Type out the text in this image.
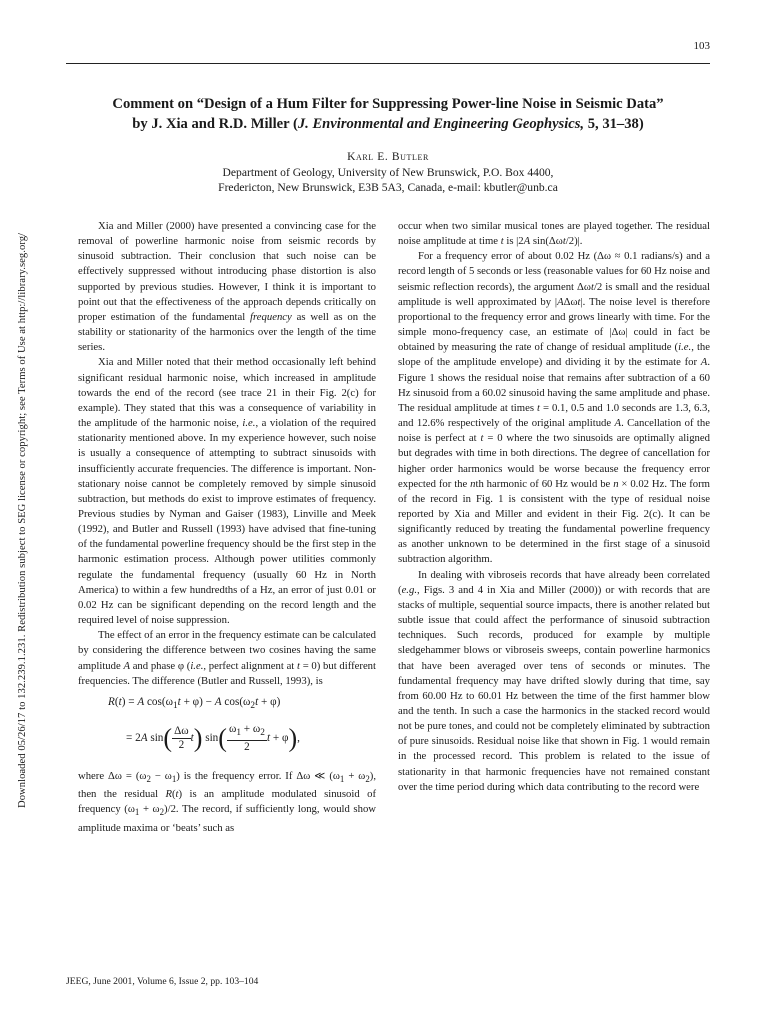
103
Downloaded 05/26/17 to 132.239.1.231. Redistribution subject to SEG license or copyright; see Terms of Use at http://library.seg.org/
Comment on “Design of a Hum Filter for Suppressing Power-line Noise in Seismic Data”
by J. Xia and R.D. Miller (J. Environmental and Engineering Geophysics, 5, 31–38)
Karl E. Butler
Department of Geology, University of New Brunswick, P.O. Box 4400,
Fredericton, New Brunswick, E3B 5A3, Canada, e-mail: kbutler@unb.ca

Xia and Miller (2000) have presented a convincing case for the removal of powerline harmonic noise from seismic records by sinusoid subtraction. Their conclusion that such noise can be effectively suppressed without introducing phase distortion is also supported by previous studies. However, I think it is important to point out that the effectiveness of the approach depends critically on proper estimation of the fundamental frequency as well as on the stability or stationarity of the harmonics over the length of the time series.

Xia and Miller noted that their method occasionally left behind significant residual harmonic noise, which increased in amplitude towards the end of the record (see trace 21 in their Fig. 2(c) for example). They stated that this was a consequence of variability in the amplitude of the harmonic noise, i.e., a violation of the required stationarity mentioned above. In my experience however, such noise is usually a consequence of attempting to subtract sinusoids with insufficiently accurate frequencies. The difference is important. Non-stationary noise cannot be completely removed by simple sinusoid subtraction, but methods do exist to improve estimates of frequency. Previous studies by Nyman and Gaiser (1983), Linville and Meek (1992), and Butler and Russell (1993) have advised that fine-tuning of the fundamental powerline frequency should be the first step in the harmonic estimation process. Although power utilities commonly regulate the fundamental frequency (usually 60 Hz in North America) to within a few hundredths of a Hz, an error of just 0.01 or 0.02 Hz can be significant depending on the record length and the required level of noise suppression.

The effect of an error in the frequency estimate can be calculated by considering the difference between two cosines having the same amplitude A and phase φ (i.e., perfect alignment at t = 0) but different frequencies. The difference (Butler and Russell, 1993), is

R(t) = A $\cos(\omega_1t + \varphi) - A$ $\cos(\omega_2t + \varphi)$
= 2A $\sin( \frac{\Delta\omega}{2} t)$ $\sin( \frac{\omega_1 + \omega_2}{2}$ t + φ),

where $\Delta\omega = (\omega_2 - \omega_1)$ is the frequency error. If Δω ≪ $(\omega_1 + \omega_2)$, then the residual R(t) is an amplitude modulated sinusoid of frequency $(\omega_1 + \omega_2)/2$. The record, if sufficiently long, would show amplitude maxima or ‘beats’ such as

occur when two similar musical tones are played together. The residual noise amplitude at time t is |2A sin(Δωt/2)|.

For a frequency error of about 0.02 Hz (Δω ≈ 0.1 radians/s) and a record length of 5 seconds or less (reasonable values for 60 Hz noise and seismic reflection records), the argument Δωt/2 is small and the residual amplitude is well approximated by |AΔωt|. The noise level is therefore proportional to the frequency error and grows linearly with time. For the simple mono-frequency case, an estimate of |Δω| could in fact be obtained by measuring the rate of change of residual amplitude (i.e., the slope of the amplitude envelope) and dividing it by the estimate for A. Figure 1 shows the residual noise that remains after subtraction of a 60 Hz sinusoid from a 60.02 sinusoid having the same amplitude and phase. The residual amplitude at times t = 0.1, 0.5 and 1.0 seconds are 1.3, 6.3, and 12.6% respectively of the original amplitude A. Cancellation of the noise is perfect at t = 0 where the two sinusoids are optimally aligned but degrades with time in both directions. The degree of cancellation for higher order harmonics would be worse because the frequency error expected for the nth harmonic of 60 Hz would be n × 0.02 Hz. The form of the record in Fig. 1 is consistent with the type of residual noise reported by Xia and Miller and evident in their Fig. 2(c). It can be significantly reduced by treating the fundamental powerline frequency as another unknown to be determined in the first stage of a sinusoid subtraction algorithm.

In dealing with vibroseis records that have already been correlated (e.g., Figs. 3 and 4 in Xia and Miller (2000)) or with records that are stacks of multiple, sequential source impacts, there is another related but subtle issue that could affect the performance of sinusoid subtraction techniques. Such records, produced for example by multiple sledgehammer blows or vibroseis sweeps, contain powerline harmonics that have been averaged over tens of seconds or minutes. The fundamental frequency may have drifted slowly during that time, say from 60.00 Hz to 60.01 Hz between the time of the first hammer blow and the tenth. In such a case the harmonics in the stacked record would not be pure tones, and could not be completely eliminated by subtraction of pure sinusoids. Residual noise like that shown in Fig. 1 would remain in the processed record. This problem is related to the issue of stationarity in that harmonic frequencies have not remained constant over the time period during which data contributing to the record were

JEEG, June 2001, Volume 6, Issue 2, pp. 103–104
